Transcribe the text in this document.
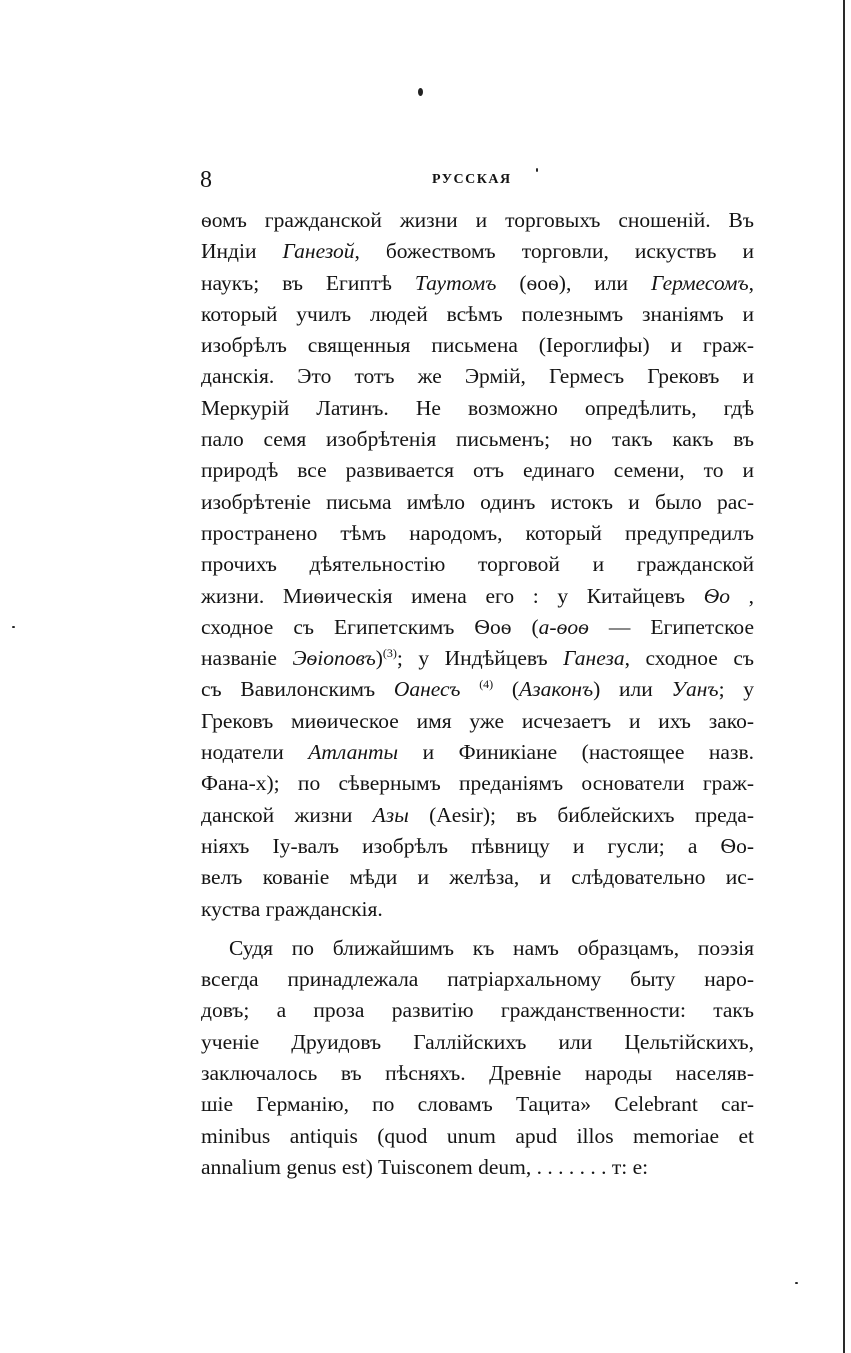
8	РУССКАЯ
ѳомъ гражданской жизни и торговыхъ сношеній. Въ
Индіи Ганезой, божествомъ торговли, искуствъ и
наукъ; въ Египтѣ Таутомъ (ѳоѳ), или Гермесомъ,
который училъ людей всѣмъ полезнымъ знаніямъ и
изобрѣлъ священныя письмена (Іероглифы) и граж-
данскія. Это тотъ же Эрмій, Гермесъ Грековъ и
Меркурій Латинъ. Не возможно опредѣлить, гдѣ
пало семя изобрѣтенія письменъ; но такъ какъ въ
природѣ все развивается отъ единаго семени, то и
изобрѣтеніе письма имѣло одинъ истокъ и было рас-
пространено тѣмъ народомъ, который предупредилъ
прочихъ дѣятельностію торговой и гражданской
жизни. Миѳическія имена его : у Китайцевъ Ѳо ,
сходное съ Египетскимъ Ѳоѳ (а-ѳоѳ — Египетское
названіе Эѳіоповъ)$^{(3)}$; у Индѣйцевъ Ганеза, сходное съ
съ Вавилонскимъ Оанесъ $^{(4)}$ (Азаконъ) или Уанъ; у
Грековъ миѳическое имя уже исчезаетъ и ихъ зако-
нодатели Атланты и Финикіане (настоящее назв.
Фана-х); по сѣвернымъ преданіямъ основатели граж-
данской жизни Азы (Aesir); въ библейскихъ преда-
ніяхъ Іу-валъ изобрѣлъ пѣвницу и гусли; а Ѳо-
велъ кованіе мѣди и желѣза, и слѣдовательно ис-
куства гражданскія.
Судя по ближайшимъ къ намъ образцамъ, поэзія
всегда принадлежала патріархальному быту наро-
довъ; а проза развитію гражданственности: такъ
ученіе Друидовъ Галлійскихъ или Цельтійскихъ,
заключалось въ пѣсняхъ. Древніе народы населяв-
шіе Германію, по словамъ Тацита» Celebrant car-
minibus antiquis (quod unum apud illos memoriae et
annalium genus est) Tuisconem deum, . . . . . . . т: е:
